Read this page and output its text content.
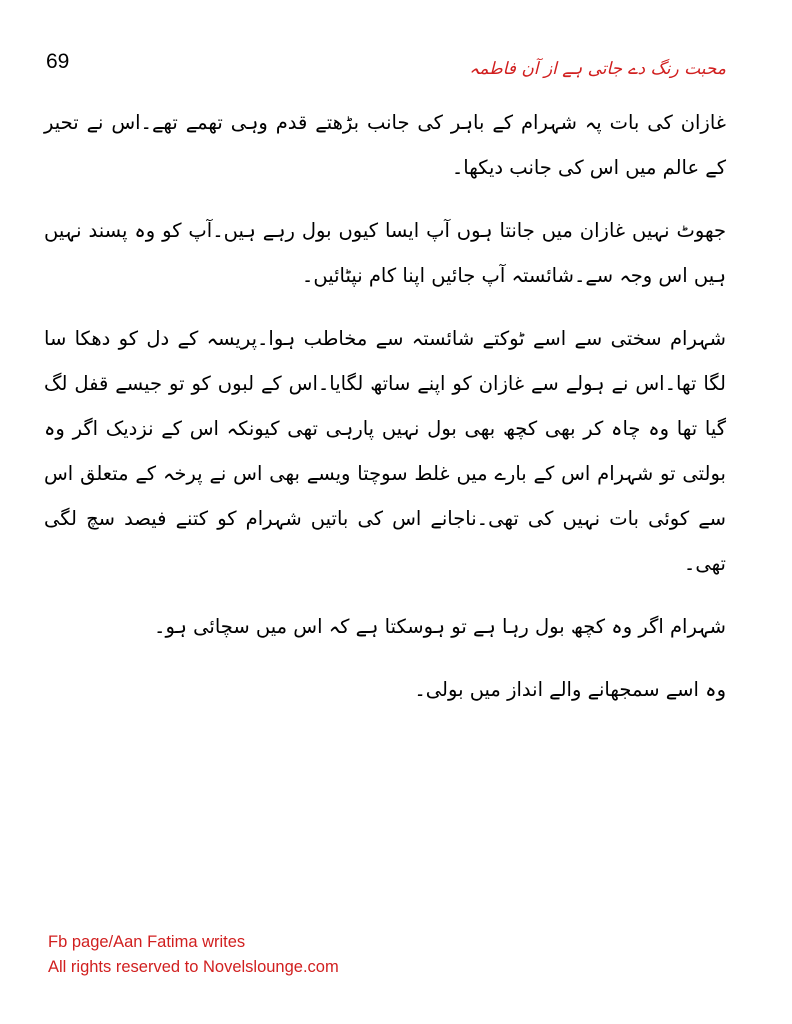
69	محبت رنگ دے جاتی ہے از آن فاطمہ

غازان کی بات پہ شہرام کے باہر کی جانب بڑھتے قدم وہی تھمے تھے۔اس نے تحیر کے عالم میں اس کی جانب دیکھا۔

جھوٹ نہیں غازان میں جانتا ہوں آپ ایسا کیوں بول رہے ہیں۔آپ کو وہ پسند نہیں ہیں اس وجہ سے۔شائستہ آپ جائیں اپنا کام نپٹائیں۔

شہرام سختی سے اسے ٹوکتے شائستہ سے مخاطب ہوا۔پریسہ کے دل کو دھکا سا لگا تھا۔اس نے ہولے سے غازان کو اپنے ساتھ لگایا۔اس کے لبوں کو تو جیسے قفل لگ گیا تھا وہ چاہ کر بھی کچھ بھی بول نہیں پارہی تھی کیونکہ اس کے نزدیک اگر وہ بولتی تو شہرام اس کے بارے میں غلط سوچتا ویسے بھی اس نے پرخہ کے متعلق اس سے کوئی بات نہیں کی تھی۔ناجانے اس کی باتیں شہرام کو کتنے فیصد سچ لگی تھی۔

شہرام اگر وہ کچھ بول رہا ہے تو ہوسکتا ہے کہ اس میں سچائی ہو۔

وہ اسے سمجھانے والے انداز میں بولی۔

Fb page/Aan Fatima writes
All rights reserved to Novelslounge.com
